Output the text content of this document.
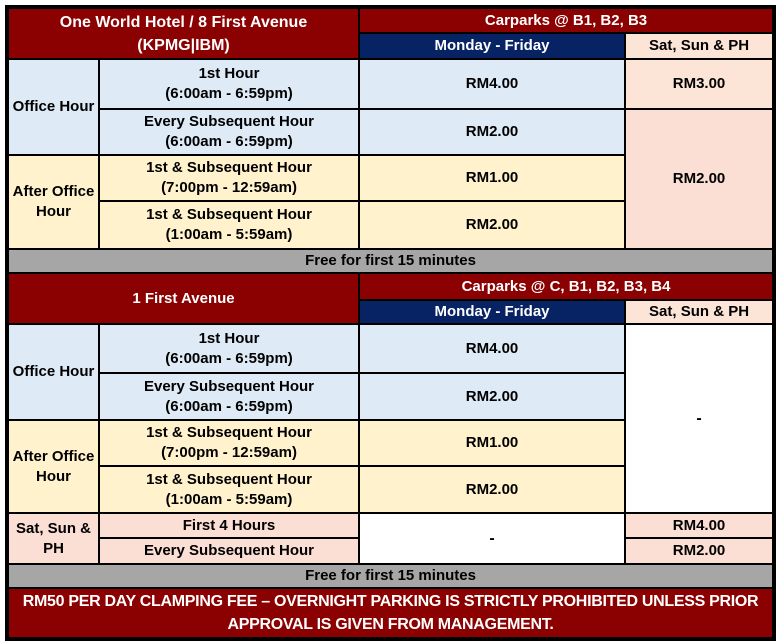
One World Hotel / 8 First Avenue
(KPMG|IBM)		Carparks @ B1, B2, B3	
		Monday - Friday	Sat, Sun & PH
Office Hour	1st Hour
(6:00am - 6:59pm)	RM4.00	RM3.00

	Every Subsequent Hour
(6:00am - 6:59pm)	RM2.00	RM2.00
After Office Hour	1st & Subsequent Hour
(7:00pm - 12:59am)	RM1.00	

	1st & Subsequent Hour
(1:00am - 5:59am)	RM2.00	
Free for first 15 minutes			
1 First Avenue		Carparks @ C, B1, B2, B3, B4	
		Monday - Friday	Sat, Sun & PH
Office Hour	1st Hour
(6:00am - 6:59pm)	RM4.00	-

	Every Subsequent Hour
(6:00am - 6:59pm)	RM2.00	
After Office Hour	1st & Subsequent Hour
(7:00pm - 12:59am)	RM1.00	

	1st & Subsequent Hour
(1:00am - 5:59am)	RM2.00	
Sat, Sun & PH	First 4 Hours	-	RM4.00
	Every Subsequent Hour		RM2.00
Free for first 15 minutes			

RM50 PER DAY CLAMPING FEE – OVERNIGHT PARKING IS STRICTLY PROHIBITED UNLESS PRIOR
APPROVAL IS GIVEN FROM MANAGEMENT.			
